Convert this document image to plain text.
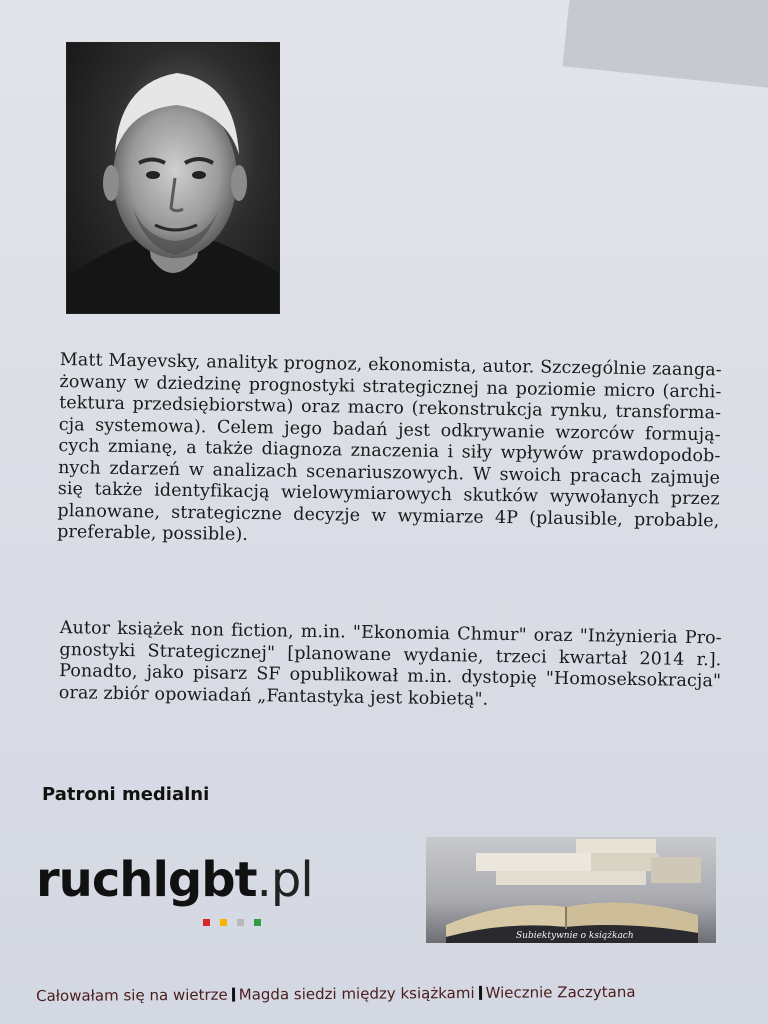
Matt Mayevsky, analityk prognoz, ekonomista, autor. Szczególnie zaanga-żowany w dziedzinę prognostyki strategicznej na poziomie micro (archi-tektura przedsiębiorstwa) oraz macro (rekonstrukcja rynku, transforma-cja systemowa). Celem jego badań jest odkrywanie wzorców formują-cych zmianę, a także diagnoza znaczenia i siły wpływów prawdopodob-nych zdarzeń w analizach scenariuszowych. W swoich pracach zajmuje się także identyfikacją wielowymiarowych skutków wywołanych przez planowane, strategiczne decyzje w wymiarze 4P (plausible, probable, preferable, possible).

Autor książek non fiction, m.in. "Ekonomia Chmur" oraz "Inżynieria Pro-gnostyki Strategicznej" [planowane wydanie, trzeci kwartał 2014 r.]. Ponadto, jako pisarz SF opublikował m.in. dystopię "Homoseksokracja" oraz zbiór opowiadań „Fantastyka jest kobietą".

Patroni medialni
ruchlgbt.pl
Subiektywnie o książkach
Całowałam się na wietrze Magda siedzi między książkami Wiecznie Zaczytana
